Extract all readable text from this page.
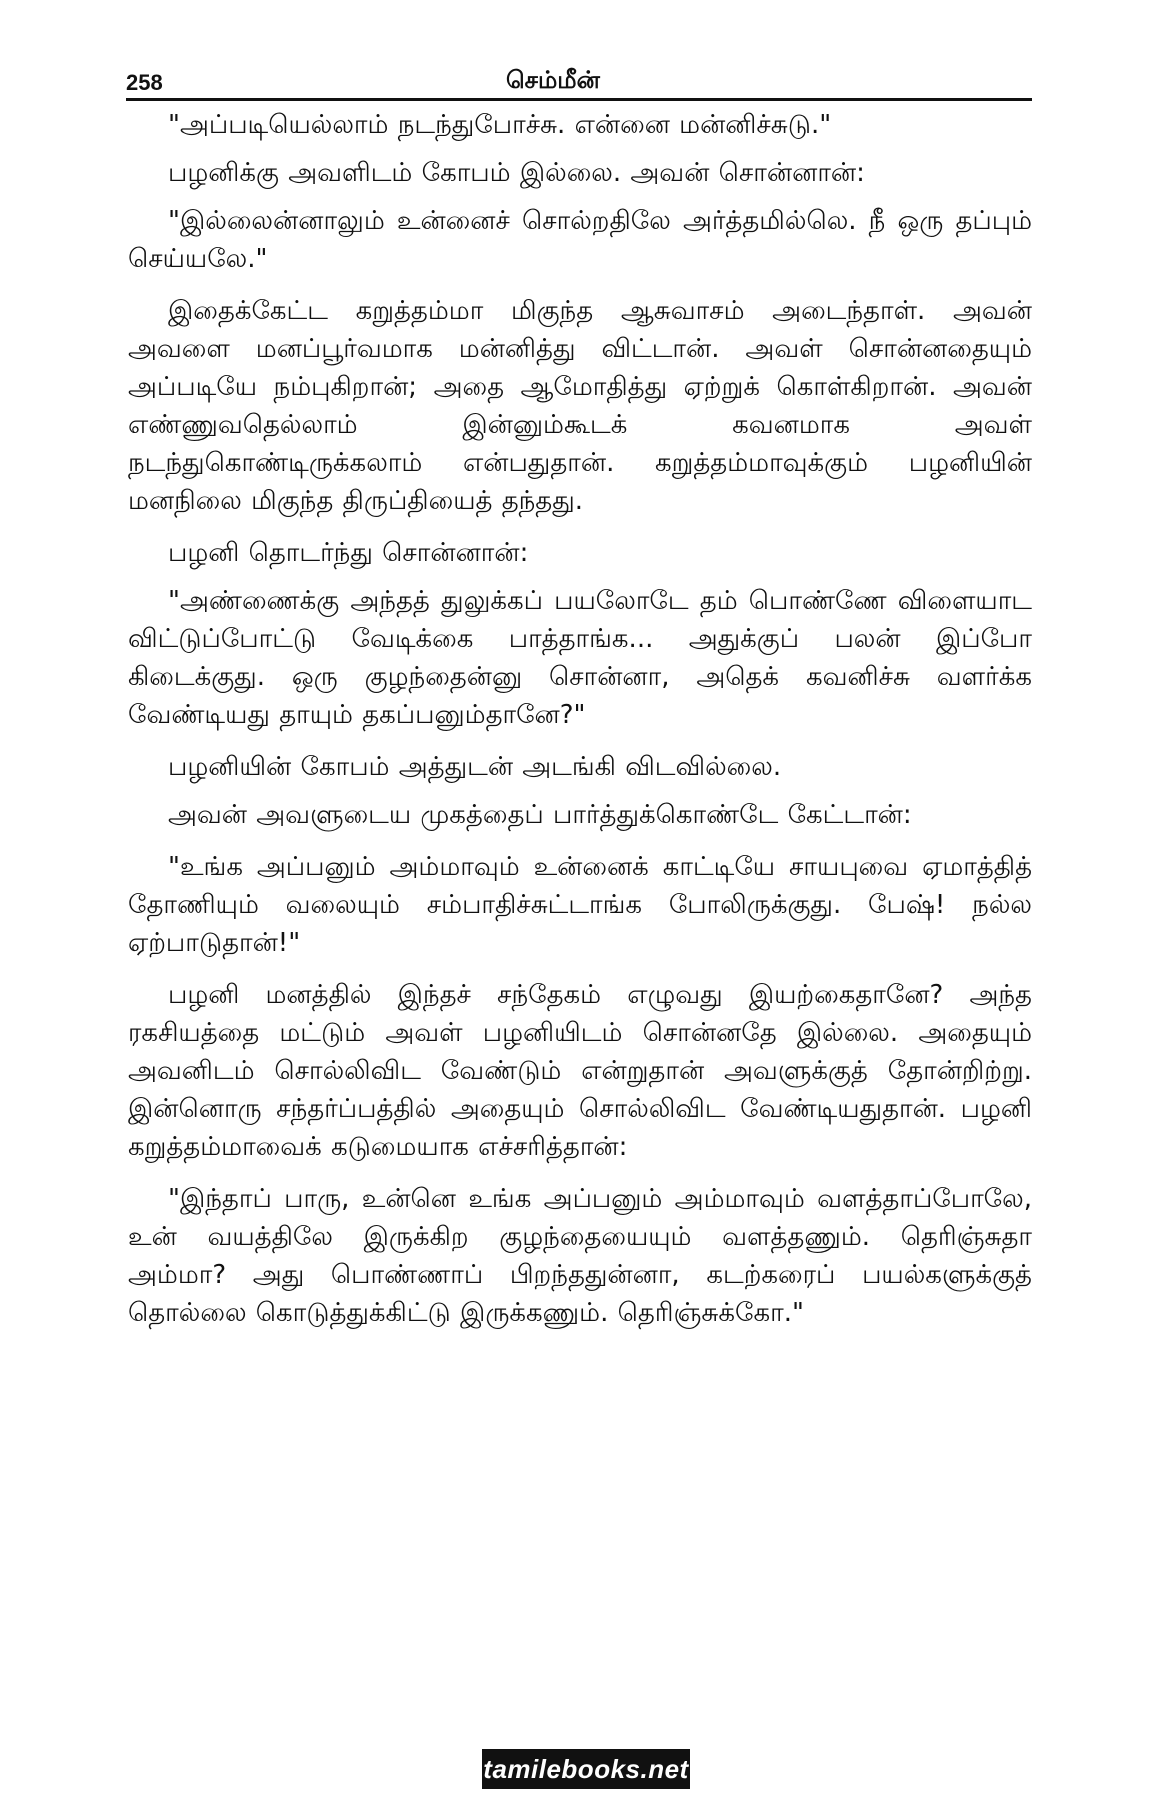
258	செம்மீன்

"அப்படியெல்லாம் நடந்துபோச்சு. என்னை மன்னிச்சுடு."

பழனிக்கு அவளிடம் கோபம் இல்லை. அவன் சொன்னான்:

"இல்லைன்னாலும் உன்னைச் சொல்றதிலே அர்த்தமில்லெ. நீ ஒரு தப்பும் செய்யலே."

இதைக்கேட்ட கறுத்தம்மா மிகுந்த ஆசுவாசம் அடைந்தாள். அவன் அவளை மனப்பூர்வமாக மன்னித்து விட்டான். அவள் சொன்னதையும் அப்படியே நம்புகிறான்; அதை ஆமோதித்து ஏற்றுக் கொள்கிறான். அவன் எண்ணுவதெல்லாம் இன்னும்கூடக் கவனமாக அவள் நடந்துகொண்டிருக்கலாம் என்பதுதான். கறுத்தம்மாவுக்கும் பழனியின் மனநிலை மிகுந்த திருப்தியைத் தந்தது.

பழனி தொடர்ந்து சொன்னான்:

"அண்ணைக்கு அந்தத் துலுக்கப் பயலோடே தம் பொண்ணே விளையாட விட்டுப்போட்டு வேடிக்கை பாத்தாங்க... அதுக்குப் பலன் இப்போ கிடைக்குது. ஒரு குழந்தைன்னு சொன்னா, அதெக் கவனிச்சு வளர்க்க வேண்டியது தாயும் தகப்பனும்தானே?"

பழனியின் கோபம் அத்துடன் அடங்கி விடவில்லை.

அவன் அவளுடைய முகத்தைப் பார்த்துக்கொண்டே கேட்டான்:

"உங்க அப்பனும் அம்மாவும் உன்னைக் காட்டியே சாயபுவை ஏமாத்தித் தோணியும் வலையும் சம்பாதிச்சுட்டாங்க போலிருக்குது. பேஷ்! நல்ல ஏற்பாடுதான்!"

பழனி மனத்தில் இந்தச் சந்தேகம் எழுவது இயற்கைதானே? அந்த ரகசியத்தை மட்டும் அவள் பழனியிடம் சொன்னதே இல்லை. அதையும் அவனிடம் சொல்லிவிட வேண்டும் என்றுதான் அவளுக்குத் தோன்றிற்று. இன்னொரு சந்தர்ப்பத்தில் அதையும் சொல்லிவிட வேண்டியதுதான். பழனி கறுத்தம்மாவைக் கடுமையாக எச்சரித்தான்:

"இந்தாப் பாரு, உன்னெ உங்க அப்பனும் அம்மாவும் வளத்தாப்போலே, உன் வயத்திலே இருக்கிற குழந்தையையும் வளத்தணும். தெரிஞ்சுதா அம்மா? அது பொண்ணாப் பிறந்ததுன்னா, கடற்கரைப் பயல்களுக்குத் தொல்லை கொடுத்துக்கிட்டு இருக்கணும். தெரிஞ்சுக்கோ."

tamilebooks.net
